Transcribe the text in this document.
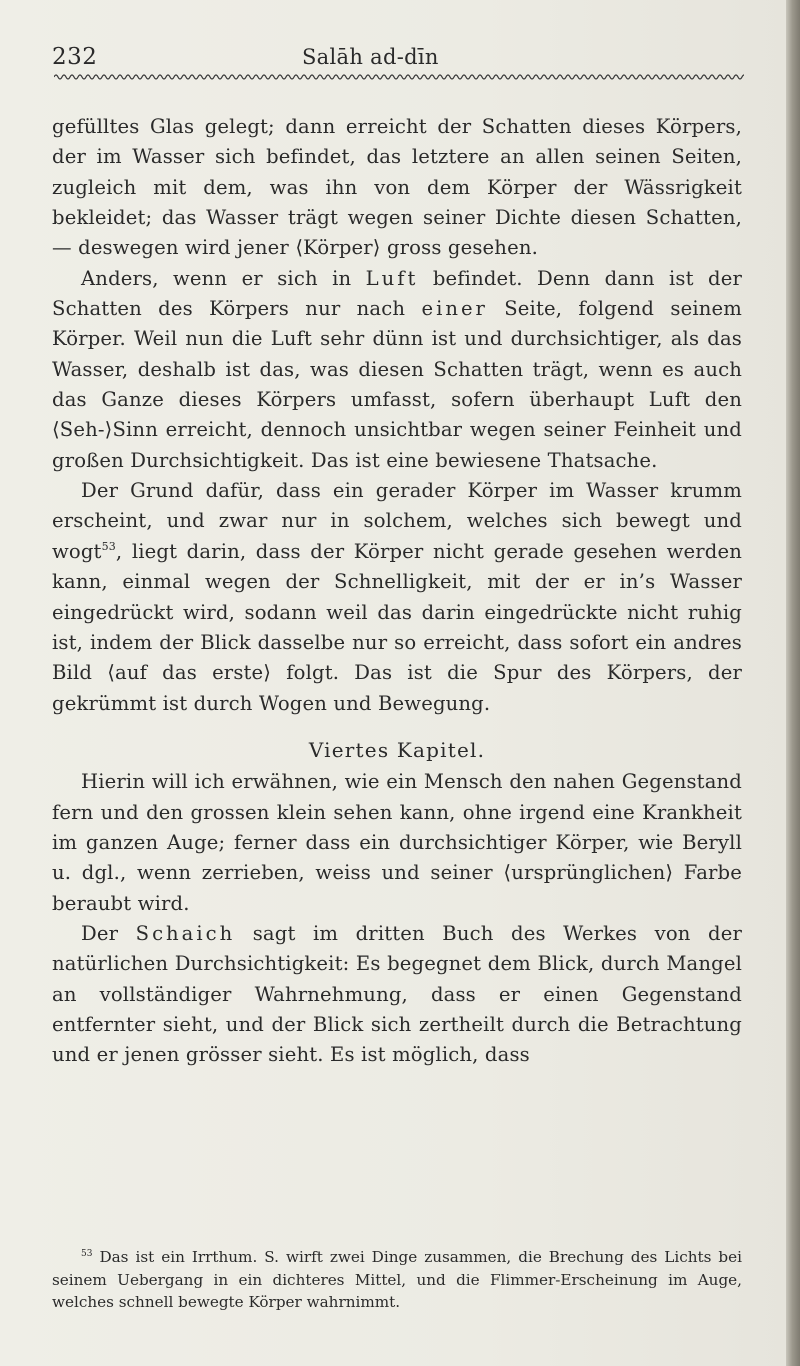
232	Salāh ad-dīn

gefülltes Glas gelegt; dann erreicht der Schatten dieses Körpers, der im Wasser sich befindet, das letztere an allen seinen Seiten, zugleich mit dem, was ihn von dem Körper der Wässrigkeit bekleidet; das Wasser trägt wegen seiner Dichte diesen Schatten, — deswegen wird jener ⟨Körper⟩ gross gesehen.

Anders, wenn er sich in Luft befindet. Denn dann ist der Schatten des Körpers nur nach einer Seite, folgend seinem Körper. Weil nun die Luft sehr dünn ist und durchsichtiger, als das Wasser, deshalb ist das, was diesen Schatten trägt, wenn es auch das Ganze dieses Körpers umfasst, sofern überhaupt Luft den ⟨Seh-⟩Sinn erreicht, dennoch unsichtbar wegen seiner Feinheit und großen Durchsichtigkeit. Das ist eine bewiesene Thatsache.

Der Grund dafür, dass ein gerader Körper im Wasser krumm erscheint, und zwar nur in solchem, welches sich bewegt und wogt$^{53}$, liegt darin, dass der Körper nicht gerade gesehen werden kann, einmal wegen der Schnelligkeit, mit der er in’s Wasser eingedrückt wird, sodann weil das darin eingedrückte nicht ruhig ist, indem der Blick dasselbe nur so erreicht, dass sofort ein andres Bild ⟨auf das erste⟩ folgt. Das ist die Spur des Körpers, der gekrümmt ist durch Wogen und Bewegung.

Viertes Kapitel.

Hierin will ich erwähnen, wie ein Mensch den nahen Gegenstand fern und den grossen klein sehen kann, ohne irgend eine Krankheit im ganzen Auge; ferner dass ein durchsichtiger Körper, wie Beryll u. dgl., wenn zerrieben, weiss und seiner ⟨ursprünglichen⟩ Farbe beraubt wird.

Der Schaich sagt im dritten Buch des Werkes von der natürlichen Durchsichtigkeit: Es begegnet dem Blick, durch Mangel an vollständiger Wahrnehmung, dass er einen Gegenstand entfernter sieht, und der Blick sich zertheilt durch die Betrachtung und er jenen grösser sieht. Es ist möglich, dass

$^{53}$ Das ist ein Irrthum. S. wirft zwei Dinge zusammen, die Brechung des Lichts bei seinem Uebergang in ein dichteres Mittel, und die Flimmer-Erscheinung im Auge, welches schnell bewegte Körper wahrnimmt.
